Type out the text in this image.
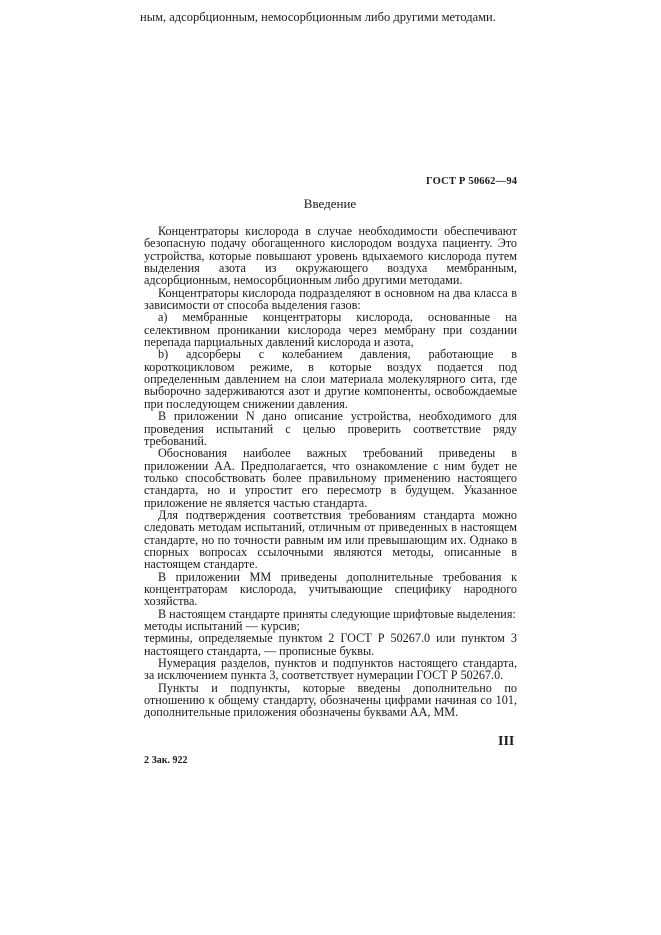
ным, адсорбционным, немосорбционным либо другими методами.
ГОСТ Р 50662—94
Введение

Концентраторы кислорода в случае необходимости обеспечивают безопасную подачу обогащенного кислородом воздуха пациенту. Это устройства, которые повышают уровень вдыхаемого кислорода путем выделения азота из окружающего воздуха мембранным, адсорбционным, немосорбционным либо другими методами.

Концентраторы кислорода подразделяют в основном на два класса в зависимости от способа выделения газов:

а) мембранные концентраторы кислорода, основанные на селективном проникании кислорода через мембрану при создании перепада парциальных давлений кислорода и азота,

b) адсорберы с колебанием давления, работающие в короткоцикловом режиме, в которые воздух подается под определенным давлением на слои материала молекулярного сита, где выборочно задерживаются азот и другие компоненты, освобождаемые при последующем снижении давления.

В приложении N дано описание устройства, необходимого для проведения испытаний с целью проверить соответствие ряду требований.

Обоснования наиболее важных требований приведены в приложении АА. Предполагается, что ознакомление с ним будет не только способствовать более правильному применению настоящего стандарта, но и упростит его пересмотр в будущем. Указанное приложение не является частью стандарта.

Для подтверждения соответствия требованиям стандарта можно следовать методам испытаний, отличным от приведенных в настоящем стандарте, но по точности равным им или превышающим их. Однако в спорных вопросах ссылочными являются методы, описанные в настоящем стандарте.

В приложении ММ приведены дополнительные требования к концентраторам кислорода, учитывающие специфику народного хозяйства.

В настоящем стандарте приняты следующие шрифтовые выделения:

методы испытаний — курсив;

термины, определяемые пунктом 2 ГОСТ Р 50267.0 или пунктом 3 настоящего стандарта, — прописные буквы.

Нумерация разделов, пунктов и подпунктов настоящего стандарта, за исключением пункта 3, соответствует нумерации ГОСТ Р 50267.0.

Пункты и подпункты, которые введены дополнительно по отношению к общему стандарту, обозначены цифрами начиная со 101, дополнительные приложения обозначены буквами АА, ММ.

III
2 Зак. 922
